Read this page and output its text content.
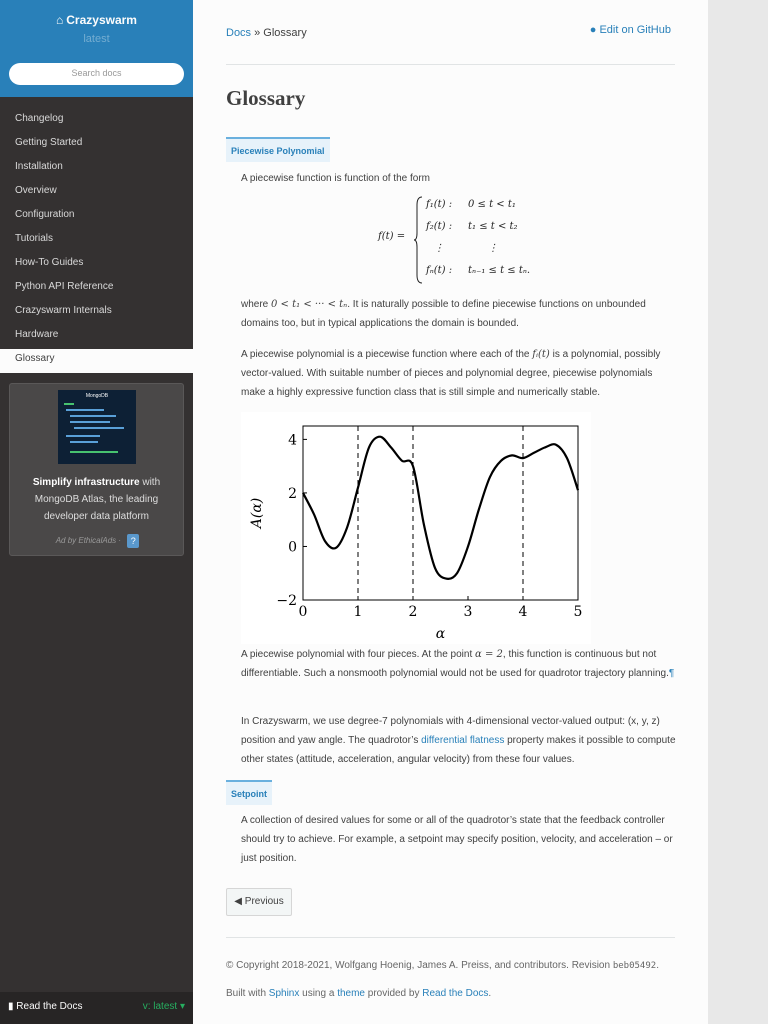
⌂ Crazyswarm
latest
Search docs
Changelog
Getting Started
Installation
Overview
Configuration
Tutorials
How-To Guides
Python API Reference
Crazyswarm Internals
Hardware
Glossary
MongoDB
Simplify infrastructure with MongoDB Atlas, the leading developer data platform
Ad by EthicalAds · ?
▮ Read the Docs	v: latest ▾
Docs » Glossary	● Edit on GitHub
Glossary
Piecewise Polynomial
A piecewise function is function of the form
f(t) =
f₁(t) : 0 ≤ t < t₁
f₂(t) : t₁ ≤ t < t₂
⋮	⋮
fₙ(t) : tₙ₋₁ ≤ t ≤ tₙ.
where 0 < t₁ < ··· < tₙ. It is naturally possible to define piecewise functions on unbounded domains too, but in typical applications the domain is bounded.
A piecewise polynomial is a piecewise function where each of the fᵢ(t) is a polynomial, possibly vector-valued. With suitable number of pieces and polynomial degree, piecewise polynomials make a highly expressive function class that is still simple and numerically stable.
0	1	2	3	4	5
−2
0
2
4
α
A(α)
A piecewise polynomial with four pieces. At the point α = 2, this function is continuous but not differentiable. Such a nonsmooth polynomial would not be used for quadrotor trajectory planning.¶
In Crazyswarm, we use degree-7 polynomials with 4-dimensional vector-valued output: (x, y, z) position and yaw angle. The quadrotor’s differential flatness property makes it possible to compute other states (attitude, acceleration, angular velocity) from these four values.
Setpoint
A collection of desired values for some or all of the quadrotor’s state that the feedback controller should try to achieve. For example, a setpoint may specify position, velocity, and acceleration – or just position.
◀ Previous
© Copyright 2018-2021, Wolfgang Hoenig, James A. Preiss, and contributors. Revision beb05492.
Built with Sphinx using a theme provided by Read the Docs.
